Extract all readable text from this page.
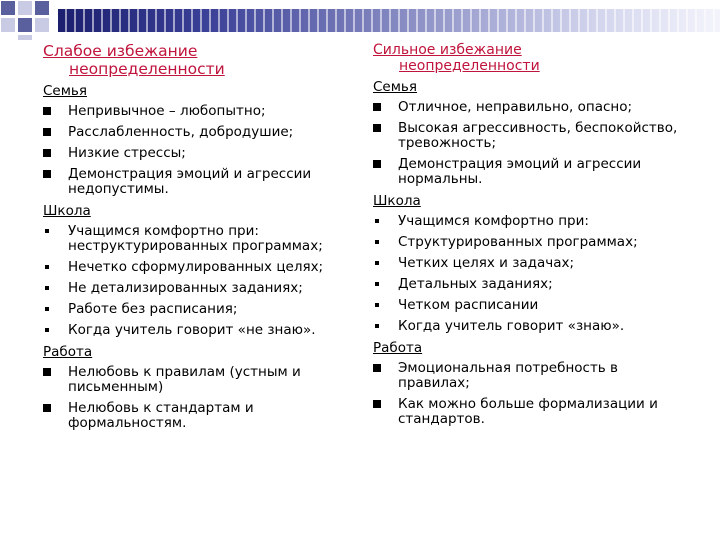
Слабое избежание
неопределенности
Семья
Непривычное – любопытно;
Расслабленность, добродушие;
Низкие стрессы;
Демонстрация эмоций и агрессии недопустимы.
Школа
Учащимся комфортно при: неструктурированных программах;
Нечетко сформулированных целях;
Не детализированных заданиях;
Работе без расписания;
Когда учитель говорит «не знаю».
Работа
Нелюбовь к правилам (устным и письменным)
Нелюбовь к стандартам и формальностям.
Сильное избежание
неопределенности
Семья
Отличное, неправильно, опасно;
Высокая агрессивность, беспокойство, тревожность;
Демонстрация эмоций и агрессии нормальны.
Школа
Учащимся комфортно при:
Структурированных программах;
Четких целях и задачах;
Детальных заданиях;
Четком расписании
Когда учитель говорит «знаю».
Работа
Эмоциональная потребность в правилах;
Как можно больше формализации и стандартов.
